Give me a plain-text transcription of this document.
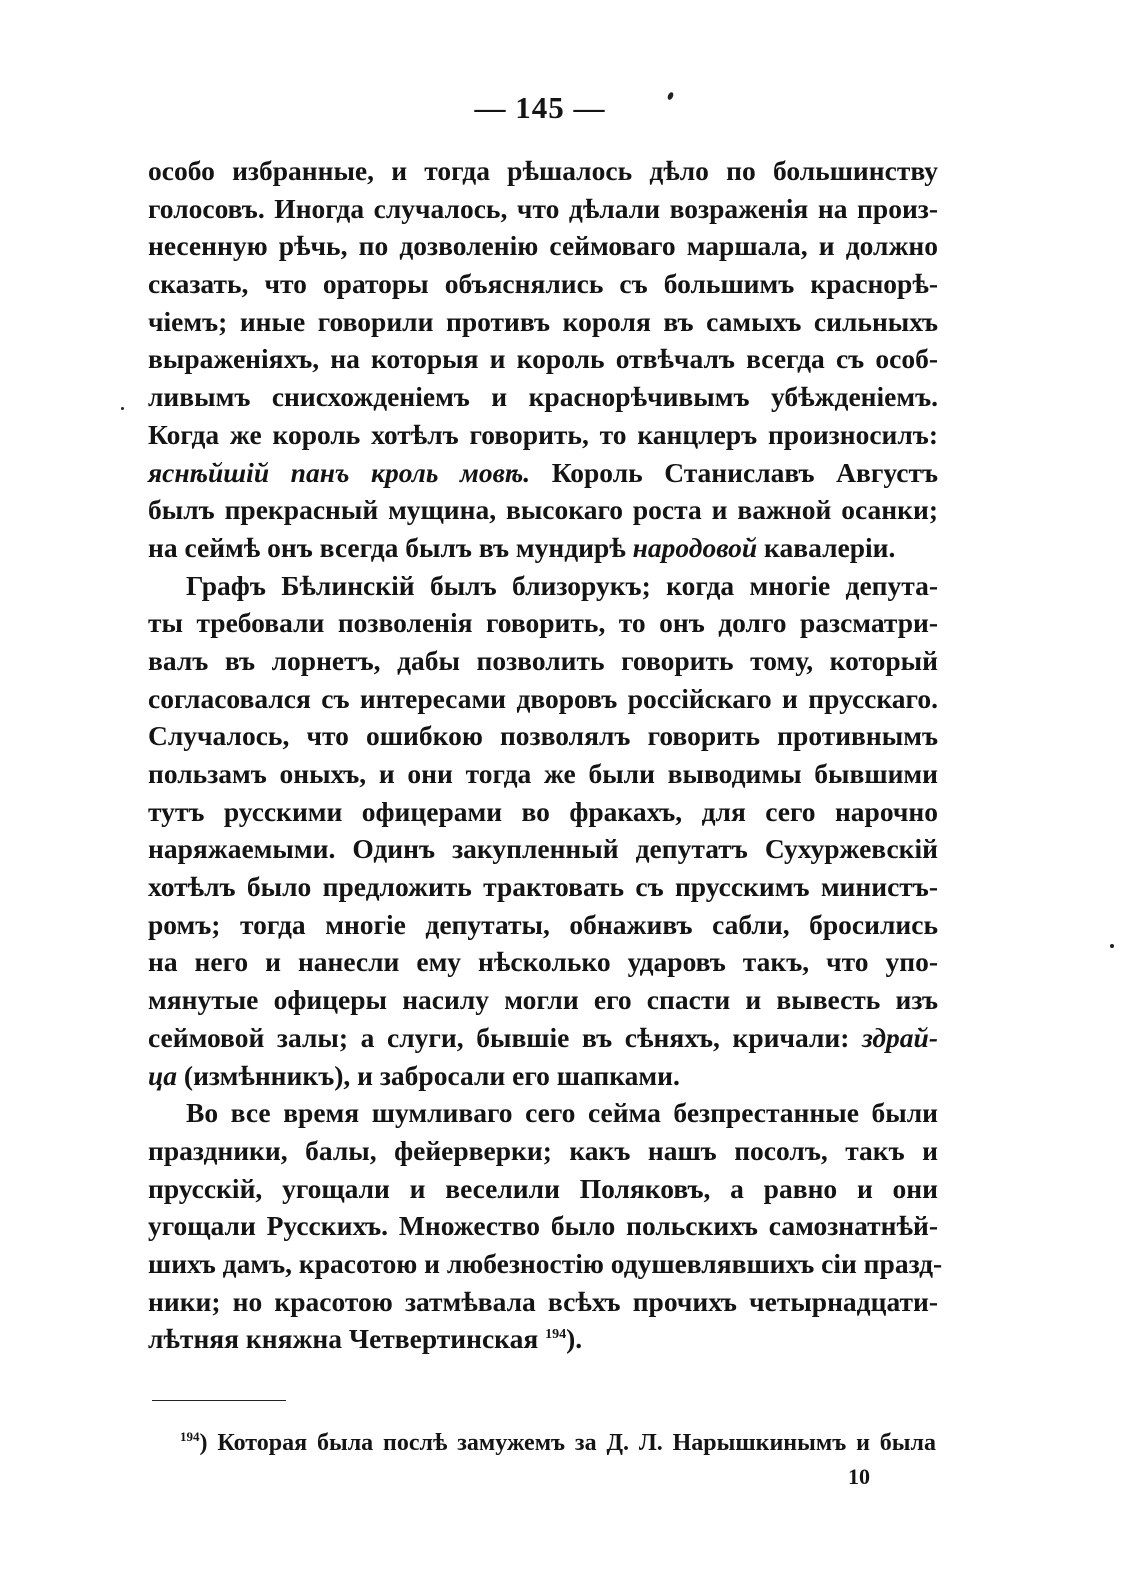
— 145 —
особо избранные, и тогда рѣшалось дѣло по большинству
голосовъ. Иногда случалось, что дѣлали возраженія на произ-
несенную рѣчь, по дозволенію сеймоваго маршала, и должно
сказать, что ораторы объяснялись съ большимъ краснорѣ-
чіемъ; иные говорили противъ короля въ самыхъ сильныхъ
выраженіяхъ, на которыя и король отвѣчалъ всегда съ особ-
ливымъ снисхожденіемъ и краснорѣчивымъ убѣжденіемъ.
Когда же король хотѣлъ говорить, то канцлеръ произносилъ:
яснѣйшій панъ кроль мовѣ. Король Станиславъ Августъ
былъ прекрасный мущина, высокаго роста и важной осанки;
на сеймѣ онъ всегда былъ въ мундирѣ народовой кавалеріи.
Графъ Бѣлинскій былъ близорукъ; когда многіе депута-
ты требовали позволенія говорить, то онъ долго разсматри-
валъ въ лорнетъ, дабы позволить говорить тому, который
согласовался съ интересами дворовъ россійскаго и прусскаго.
Случалось, что ошибкою позволялъ говорить противнымъ
пользамъ оныхъ, и они тогда же были выводимы бывшими
тутъ русскими офицерами во фракахъ, для сего нарочно
наряжаемыми. Одинъ закупленный депутатъ Сухуржевскій
хотѣлъ было предложить трактовать съ прусскимъ министъ-
ромъ; тогда многіе депутаты, обнаживъ сабли, бросились
на него и нанесли ему нѣсколько ударовъ такъ, что упо-
мянутые офицеры насилу могли его спасти и вывесть изъ
сеймовой залы; а слуги, бывшіе въ сѣняхъ, кричали: здрай-
ца (измѣнникъ), и забросали его шапками.
Во все время шумливаго сего сейма безпрестанные были
праздники, балы, фейерверки; какъ нашъ посолъ, такъ и
прусскій, угощали и веселили Поляковъ, а равно и они
угощали Русскихъ. Множество было польскихъ самознатнѣй-
шихъ дамъ, красотою и любезностію одушевлявшихъ сіи празд-
ники; но красотою затмѣвала всѣхъ прочихъ четырнадцати-
лѣтняя княжна Четвертинская $^{194}$).
$^{194}$) Которая была послѣ замужемъ за Д. Л. Нарышкинымъ и была
10
